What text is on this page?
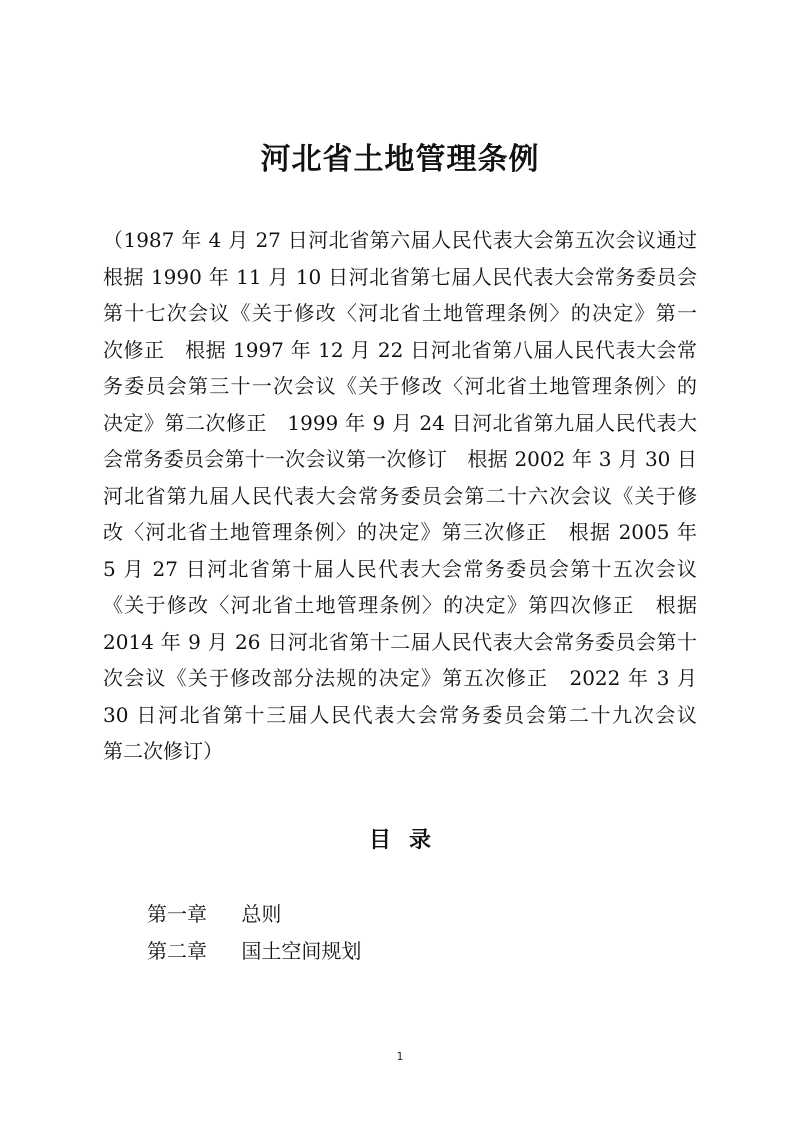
河北省土地管理条例
（1987 年 4 月 27 日河北省第六届人民代表大会第五次会议通过
根据 1990 年 11 月 10 日河北省第七届人民代表大会常务委员会
第十七次会议《关于修改〈河北省土地管理条例〉的决定》第一
次修正　根据 1997 年 12 月 22 日河北省第八届人民代表大会常
务委员会第三十一次会议《关于修改〈河北省土地管理条例〉的
决定》第二次修正　1999 年 9 月 24 日河北省第九届人民代表大
会常务委员会第十一次会议第一次修订　根据 2002 年 3 月 30 日
河北省第九届人民代表大会常务委员会第二十六次会议《关于修
改〈河北省土地管理条例〉的决定》第三次修正　根据 2005 年
5 月 27 日河北省第十届人民代表大会常务委员会第十五次会议
《关于修改〈河北省土地管理条例〉的决定》第四次修正　根据
2014 年 9 月 26 日河北省第十二届人民代表大会常务委员会第十
次会议《关于修改部分法规的决定》第五次修正　2022 年 3 月
30 日河北省第十三届人民代表大会常务委员会第二十九次会议
第二次修订）
目录
第一章 总则
第二章 国土空间规划
1
